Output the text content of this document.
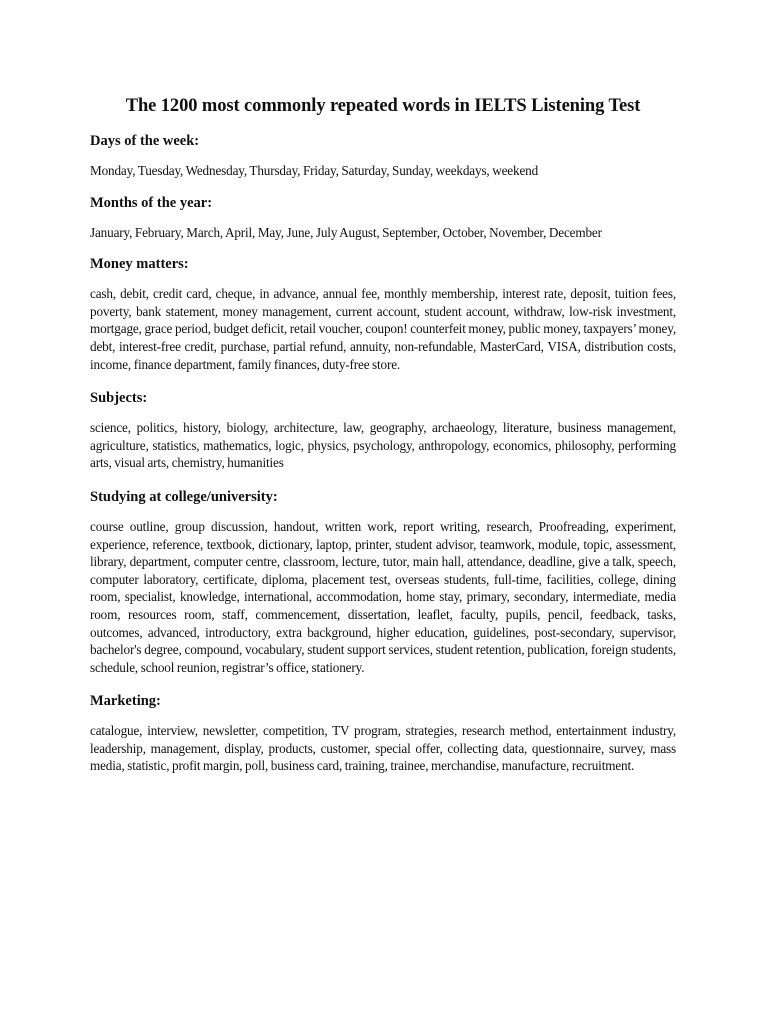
The 1200 most commonly repeated words in IELTS Listening Test
Days of the week:

Monday, Tuesday, Wednesday, Thursday, Friday, Saturday, Sunday, weekdays, weekend

Months of the year:

January, February, March, April, May, June, July August, September, October, November, December

Money matters:

cash, debit, credit card, cheque, in advance, annual fee, monthly membership, interest rate, deposit, tuition fees, poverty, bank statement, money management, current account, student account, withdraw, low-risk investment, mortgage, grace period, budget deficit, retail voucher, coupon! counterfeit money, public money, taxpayers’ money, debt, interest-free credit, purchase, partial refund, annuity, non-refundable, MasterCard, VISA, distribution costs, income, finance department, family finances, duty-free store.

Subjects:

science, politics, history, biology, architecture, law, geography, archaeology, literature, business management, agriculture, statistics, mathematics, logic, physics, psychology, anthropology, economics, philosophy, performing arts, visual arts, chemistry, humanities

Studying at college/university:

course outline, group discussion, handout, written work, report writing, research, Proofreading, experiment, experience, reference, textbook, dictionary, laptop, printer, student advisor, teamwork, module, topic, assessment, library, department, computer centre, classroom, lecture, tutor, main hall, attendance, deadline, give a talk, speech, computer laboratory, certificate, diploma, placement test, overseas students, full-time, facilities, college, dining room, specialist, knowledge, international, accommodation, home stay, primary, secondary, intermediate, media room, resources room, staff, commencement, dissertation, leaflet, faculty, pupils, pencil, feedback, tasks, outcomes, advanced, introductory, extra background, higher education, guidelines, post-secondary, supervisor, bachelor's degree, compound, vocabulary, student support services, student retention, publication, foreign students, schedule, school reunion, registrar’s office, stationery.

Marketing:

catalogue, interview, newsletter, competition, TV program, strategies, research method, entertainment industry, leadership, management, display, products, customer, special offer, collecting data, questionnaire, survey, mass media, statistic, profit margin, poll, business card, training, trainee, merchandise, manufacture, recruitment.
